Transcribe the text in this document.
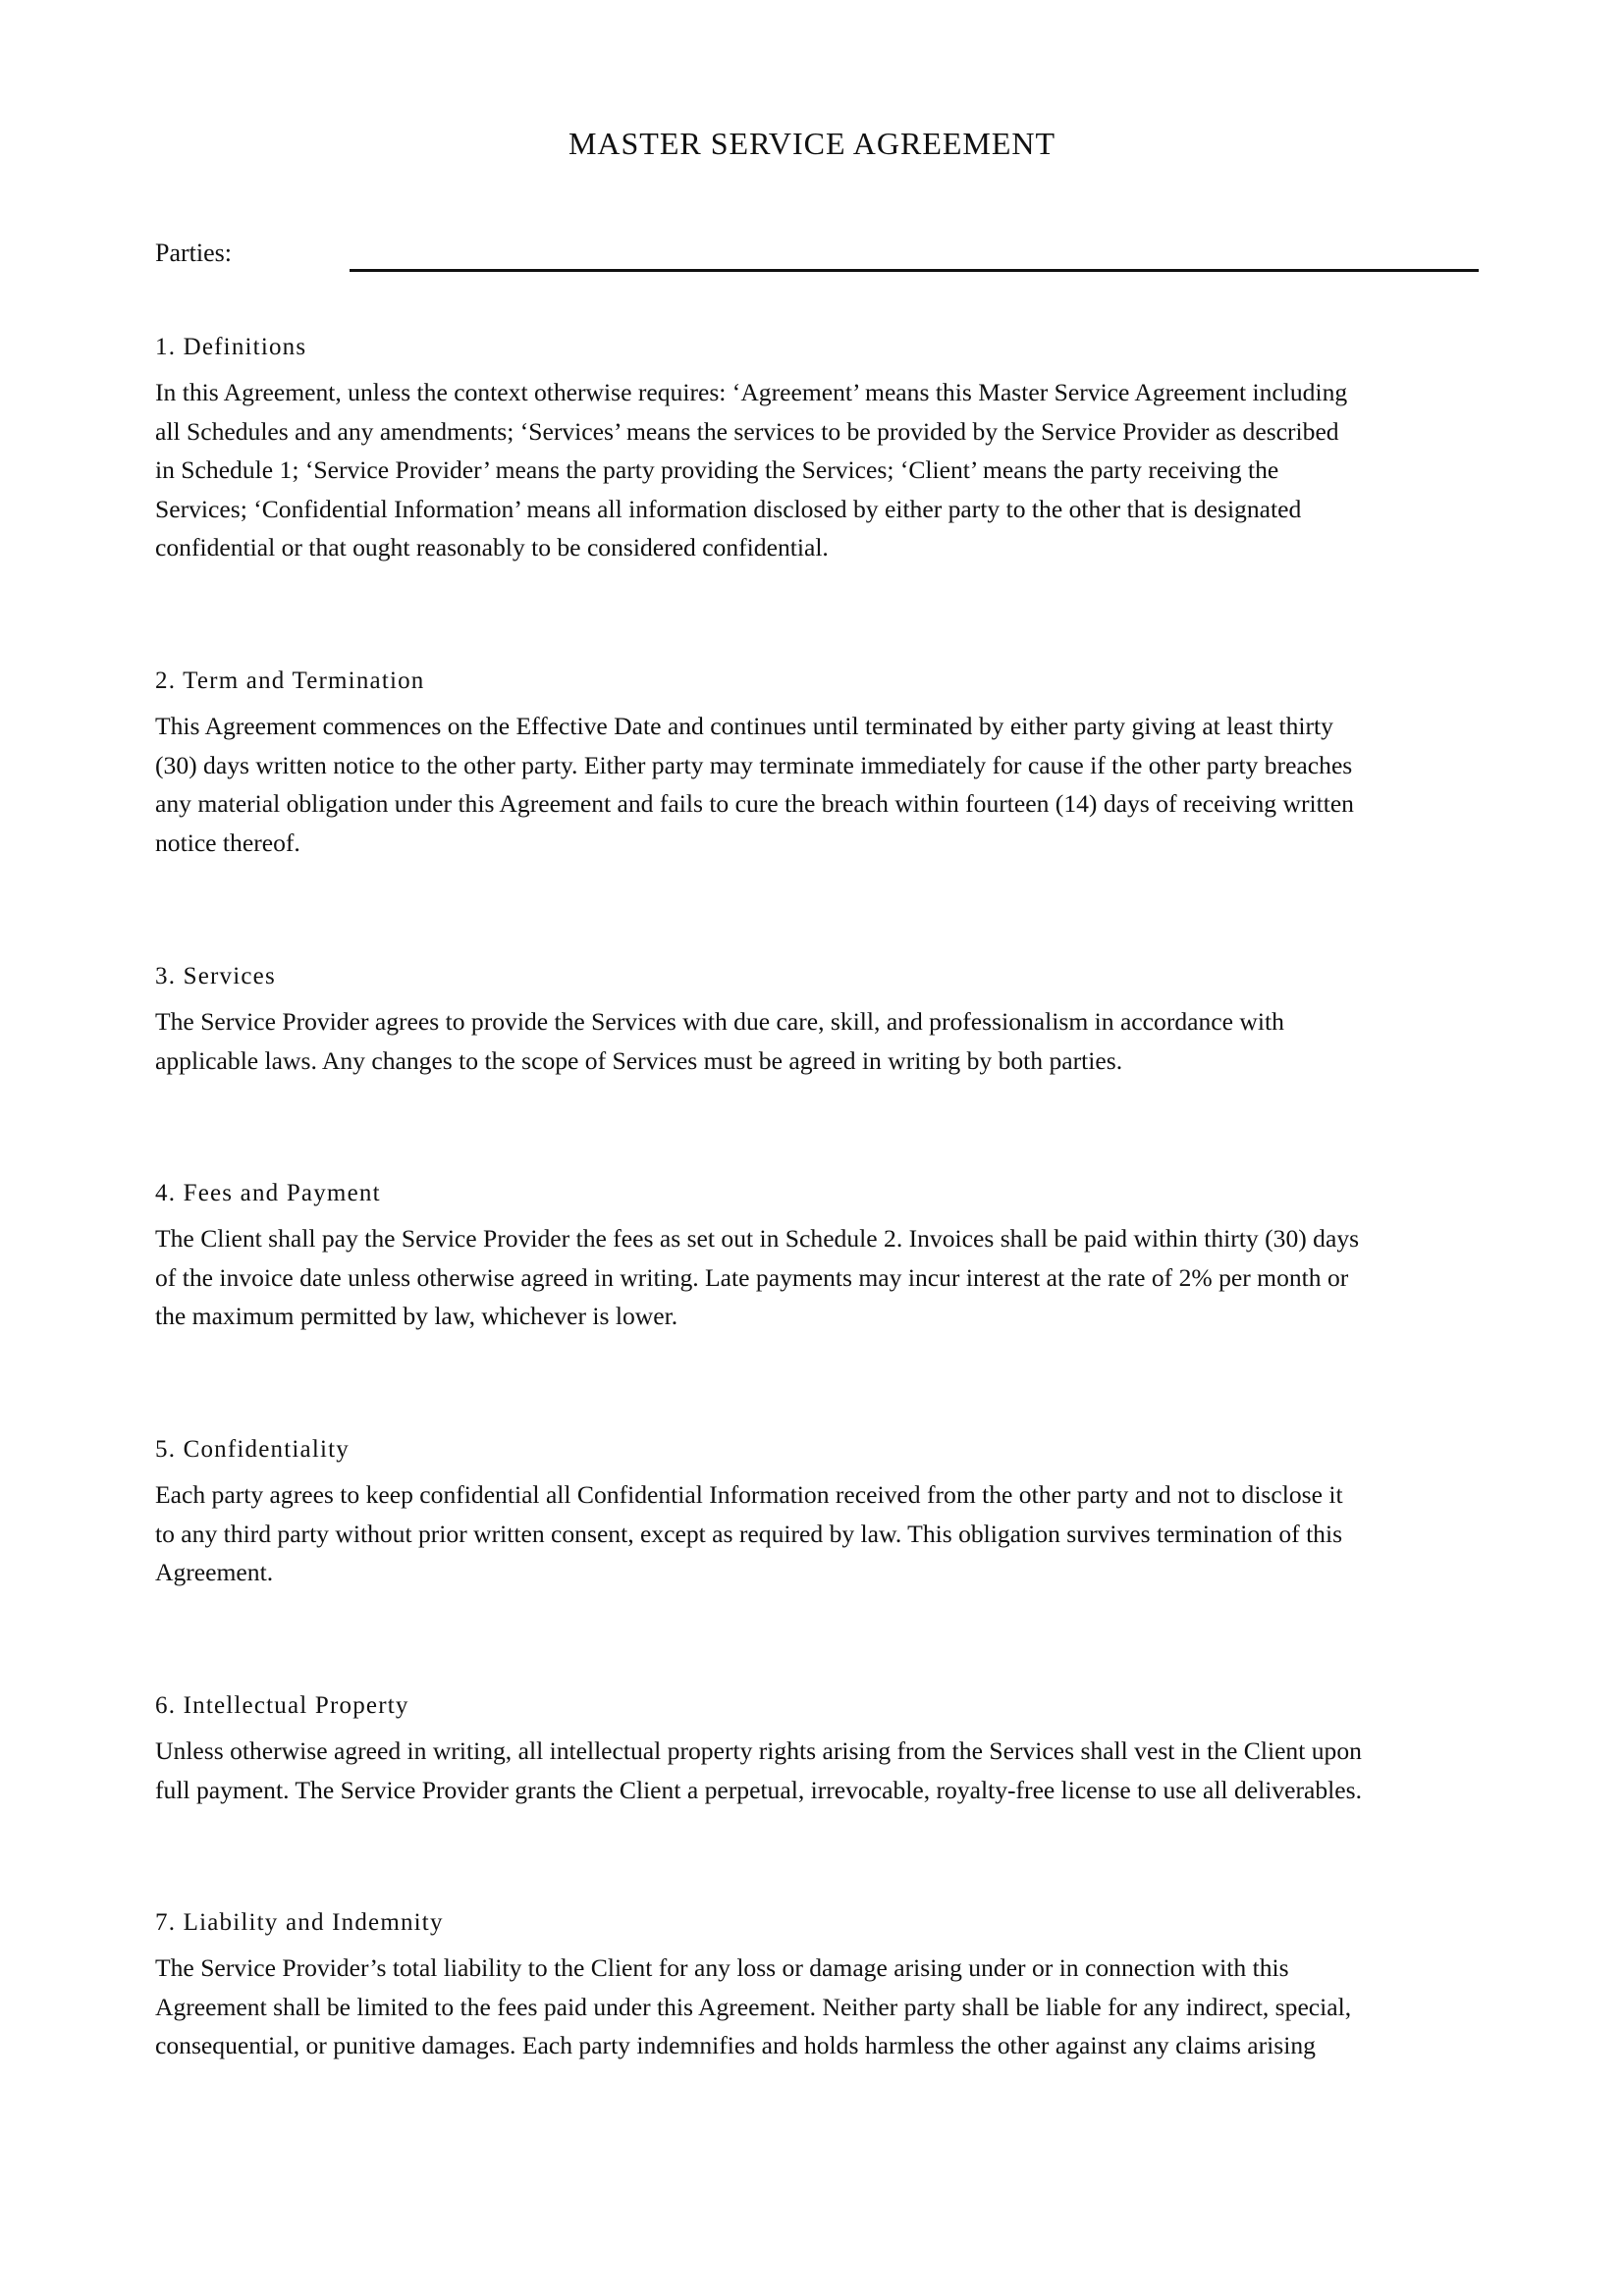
MASTER SERVICE AGREEMENT
Parties:
1. Definitions
In this Agreement, unless the context otherwise requires: ‘Agreement’ means this Master Service Agreement including
all Schedules and any amendments; ‘Services’ means the services to be provided by the Service Provider as described
in Schedule 1; ‘Service Provider’ means the party providing the Services; ‘Client’ means the party receiving the
Services; ‘Confidential Information’ means all information disclosed by either party to the other that is designated
confidential or that ought reasonably to be considered confidential.
2. Term and Termination
This Agreement commences on the Effective Date and continues until terminated by either party giving at least thirty
(30) days written notice to the other party. Either party may terminate immediately for cause if the other party breaches
any material obligation under this Agreement and fails to cure the breach within fourteen (14) days of receiving written
notice thereof.
3. Services
The Service Provider agrees to provide the Services with due care, skill, and professionalism in accordance with
applicable laws. Any changes to the scope of Services must be agreed in writing by both parties.
4. Fees and Payment
The Client shall pay the Service Provider the fees as set out in Schedule 2. Invoices shall be paid within thirty (30) days
of the invoice date unless otherwise agreed in writing. Late payments may incur interest at the rate of 2% per month or
the maximum permitted by law, whichever is lower.
5. Confidentiality
Each party agrees to keep confidential all Confidential Information received from the other party and not to disclose it
to any third party without prior written consent, except as required by law. This obligation survives termination of this
Agreement.
6. Intellectual Property
Unless otherwise agreed in writing, all intellectual property rights arising from the Services shall vest in the Client upon
full payment. The Service Provider grants the Client a perpetual, irrevocable, royalty-free license to use all deliverables.
7. Liability and Indemnity
The Service Provider’s total liability to the Client for any loss or damage arising under or in connection with this
Agreement shall be limited to the fees paid under this Agreement. Neither party shall be liable for any indirect, special,
consequential, or punitive damages. Each party indemnifies and holds harmless the other against any claims arising
